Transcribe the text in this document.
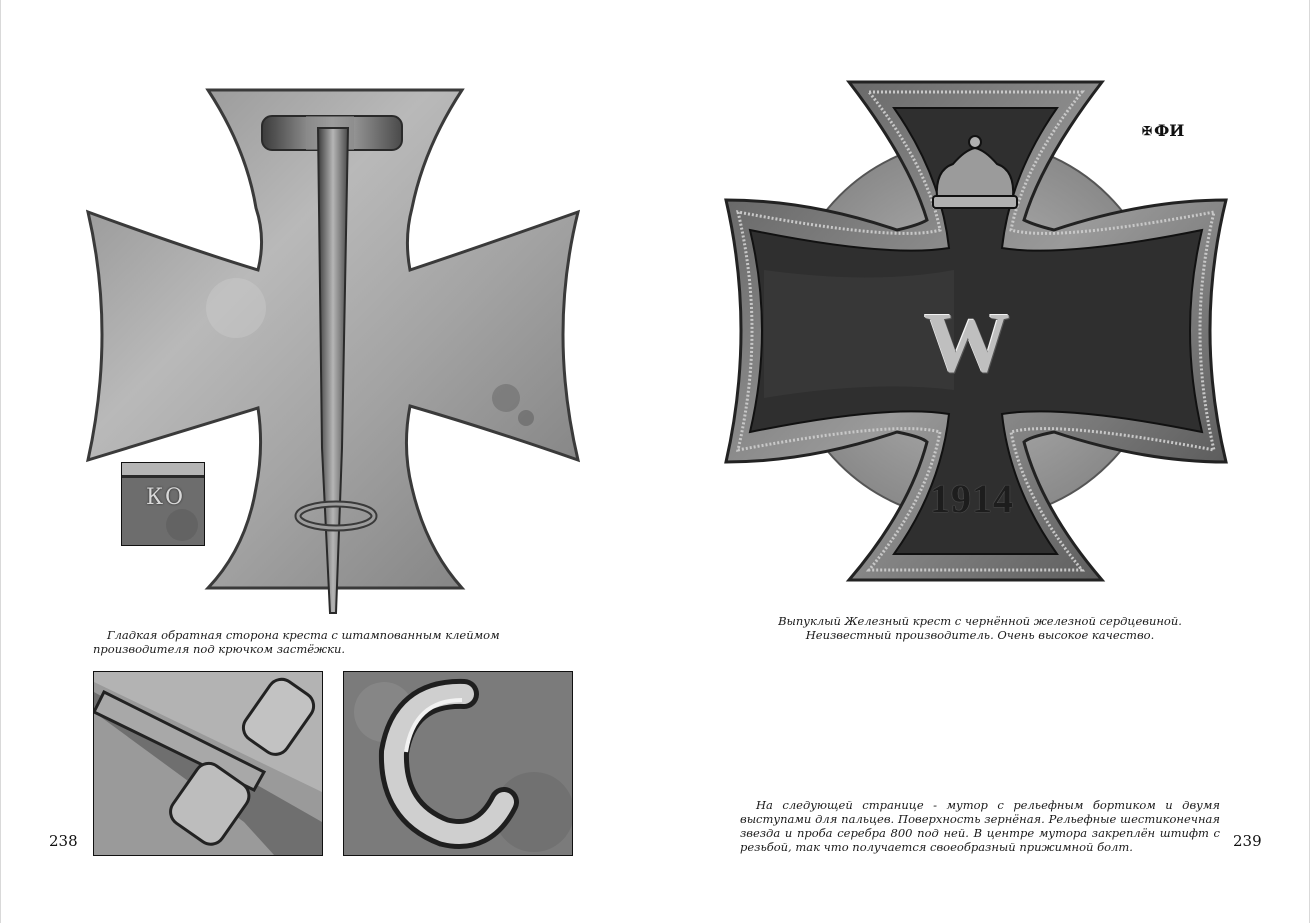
КО
Гладкая обратная сторона креста с штампованным клеймом производителя под крючком застёжки.
238
W
1914
✠ ФИ
Выпуклый Железный крест с чернённой железной сердцевиной.
Неизвестный производитель. Очень высокое качество.
На следующей странице - мутор с рельефным бортиком и двумя выступами для пальцев. Поверхность зернёная. Рельефные шестиконечная звезда и проба серебра 800 под ней. В центре мутора закреплён штифт с резьбой, так что получается своеобразный прижимной болт.	239
